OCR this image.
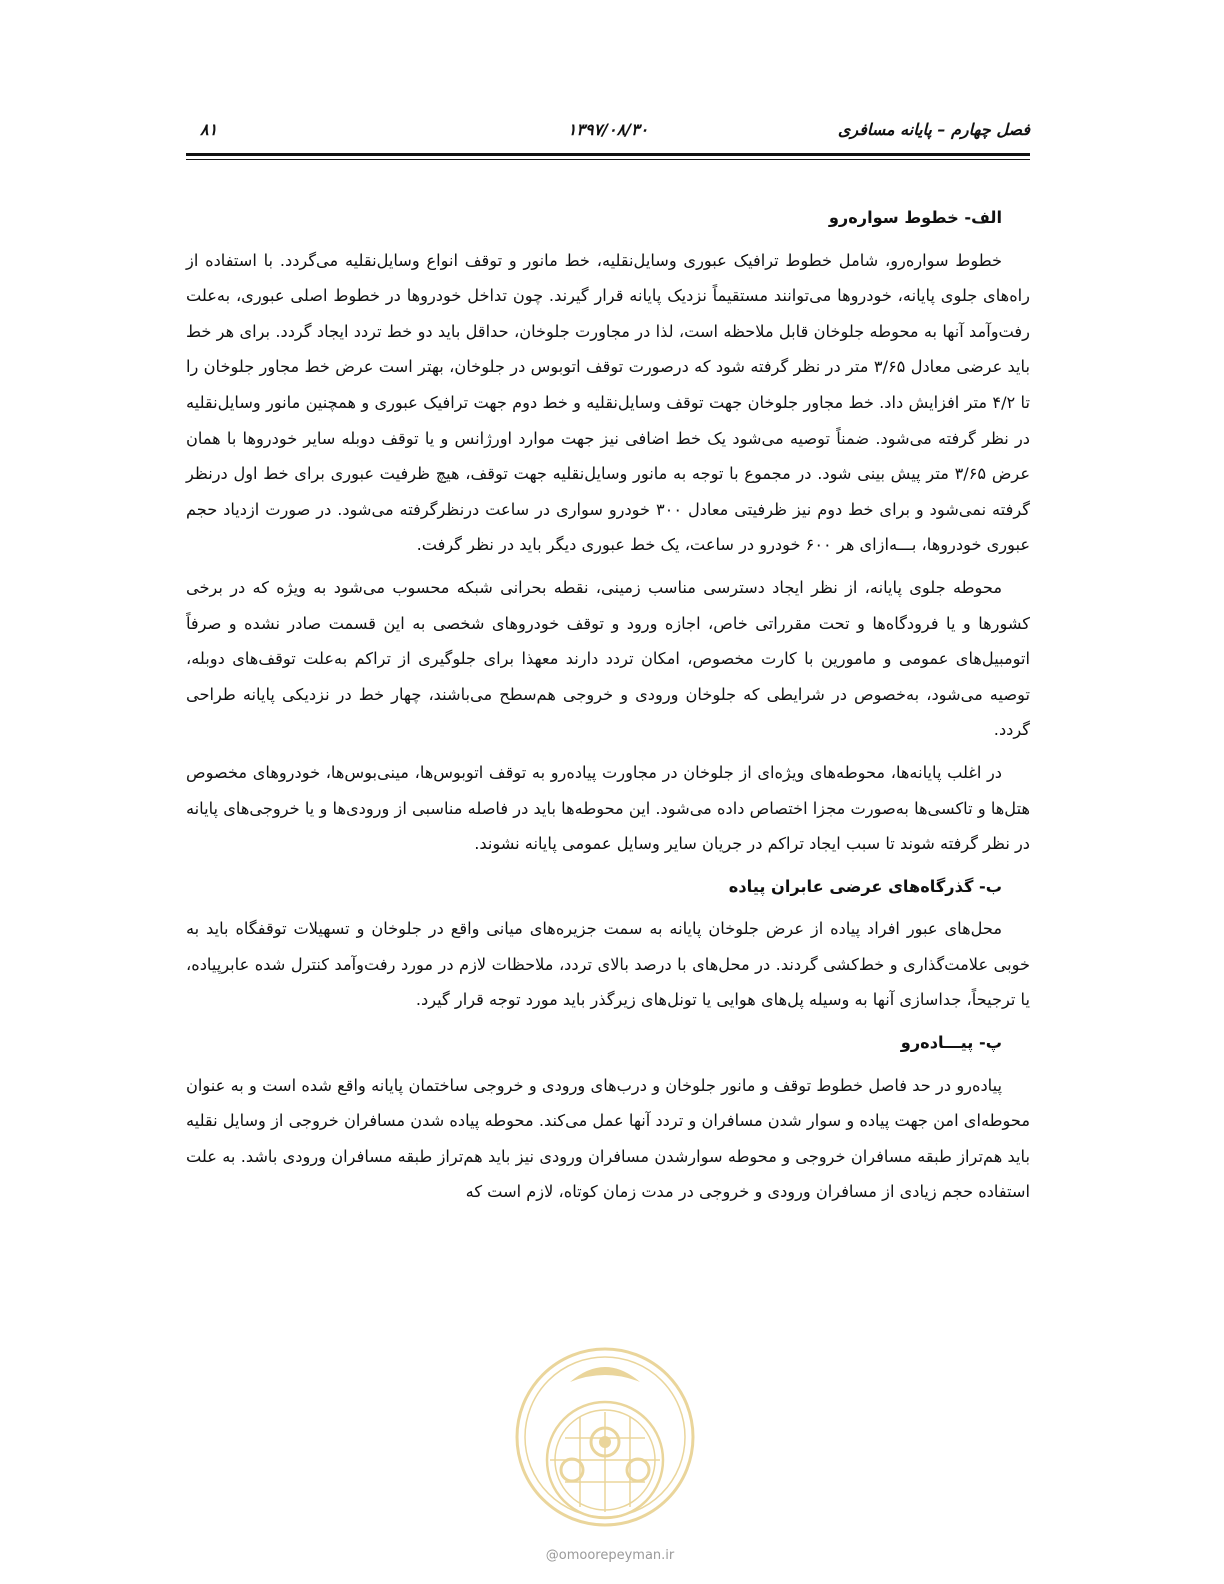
فصل چهارم – پایانه مسافری
۱۳۹۷/۰۸/۳۰
۸۱
الف- خطوط سواره‌رو

خطوط سواره‌رو، شامل خطوط ترافیک عبوری وسایل‌نقلیه، خط مانور و توقف انواع وسایل‌نقلیه می‌گردد. با استفاده از راه‌های جلوی پایانه، خودروها می‌توانند مستقیماً نزدیک پایانه قرار گیرند. چون تداخل خودروها در خطوط اصلی عبوری، به‌علت رفت‌وآمد آنها به محوطه جلوخان قابل ملاحظه است، لذا در مجاورت جلوخان، حداقل باید دو خط تردد ایجاد گردد. برای هر خط باید عرضی معادل ۳/۶۵ متر در نظر گرفته شود که درصورت توقف اتوبوس در جلوخان، بهتر است عرض خط مجاور جلوخان را تا ۴/۲ متر افزایش داد. خط مجاور جلوخان جهت توقف وسایل‌نقلیه و خط دوم جهت ترافیک عبوری و همچنین مانور وسایل‌نقلیه در نظر گرفته می‌شود. ضمناً توصیه می‌شود یک خط اضافی نیز جهت موارد اورژانس و یا توقف دوبله سایر خودروها با همان عرض ۳/۶۵ متر پیش بینی شود. در مجموع با توجه به مانور وسایل‌نقلیه جهت توقف، هیچ ظرفیت عبوری برای خط اول درنظر گرفته نمی‌شود و برای خط دوم نیز ظرفیتی معادل ۳۰۰ خودرو سواری در ساعت درنظرگرفته می‌شود. در صورت ازدیاد حجم عبوری خودروها، بـــه‌ازای هر ۶۰۰ خودرو در ساعت، یک خط عبوری دیگر باید در نظر گرفت.

محوطه جلوی پایانه، از نظر ایجاد دسترسی مناسب زمینی، نقطه بحرانی شبکه محسوب می‌شود به ویژه که در برخی کشورها و یا فرودگاه‌ها و تحت مقرراتی خاص، اجازه ورود و توقف خودروهای شخصی به این قسمت صادر نشده و صرفاً اتومبیل‌های عمومی و مامورین با کارت مخصوص، امکان تردد دارند معهذا برای جلوگیری از تراکم به‌علت توقف‌های دوبله، توصیه می‌شود، به‌خصوص در شرایطی که جلوخان ورودی و خروجی هم‌سطح می‌باشند، چهار خط در نزدیکی پایانه طراحی گردد.

در اغلب پایانه‌ها، محوطه‌های ویژه‌ای از جلوخان در مجاورت پیاده‌رو به توقف اتوبوس‌ها، مینی‌بوس‌ها، خودروهای مخصوص هتل‌ها و تاکسی‌ها به‌صورت مجزا اختصاص داده می‌شود. این محوطه‌ها باید در فاصله مناسبی از ورودی‌ها و یا خروجی‌های پایانه در نظر گرفته شوند تا سبب ایجاد تراکم در جریان سایر وسایل عمومی پایانه نشوند.

ب- گذرگاه‌های عرضی عابران پیاده

محل‌های عبور افراد پیاده از عرض جلوخان پایانه به سمت جزیره‌های میانی واقع در جلوخان و تسهیلات توقفگاه باید به خوبی علامت‌گذاری و خط‌کشی گردند. در محل‌های با درصد بالای تردد، ملاحظات لازم در مورد رفت‌وآمد کنترل شده عابرپیاده، یا ترجیحاً، جداسازی آنها به وسیله پل‌های هوایی یا تونل‌های زیرگذر باید مورد توجه قرار گیرد.

پ- پیـــاده‌رو

پیاده‌رو در حد فاصل خطوط توقف و مانور جلوخان و درب‌های ورودی و خروجی ساختمان پایانه واقع شده است و به عنوان محوطه‌ای امن جهت پیاده و سوار شدن مسافران و تردد آنها عمل می‌کند. محوطه پیاده شدن مسافران خروجی از وسایل نقلیه باید هم‌تراز طبقه مسافران خروجی و محوطه سوارشدن مسافران ورودی نیز باید هم‌تراز طبقه مسافران ورودی باشد. به علت استفاده حجم زیادی از مسافران ورودی و خروجی در مدت زمان کوتاه، لازم است که

@omoorepeyman.ir
